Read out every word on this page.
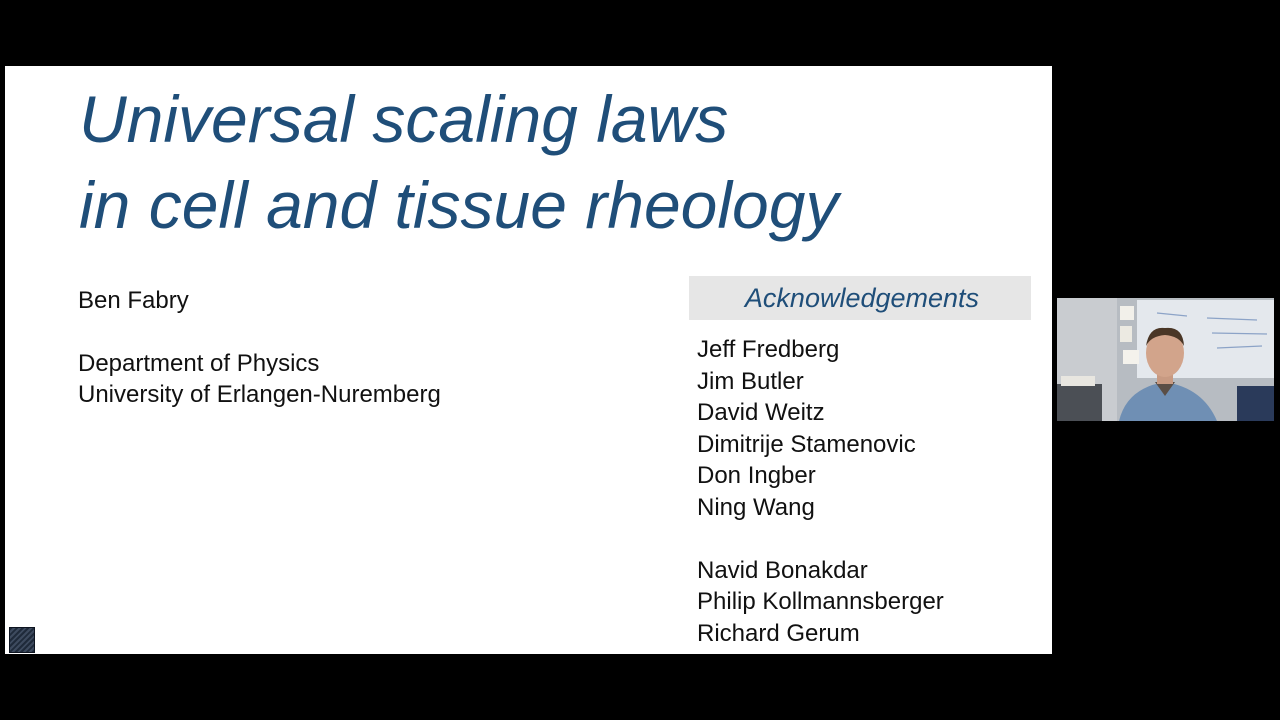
Universal scaling laws
in cell and tissue rheology
Ben Fabry
Department of Physics
University of Erlangen-Nuremberg
Acknowledgements
Jeff Fredberg
Jim Butler
David Weitz
Dimitrije Stamenovic
Don Ingber
Ning Wang
Navid Bonakdar
Philip Kollmannsberger
Richard Gerum
